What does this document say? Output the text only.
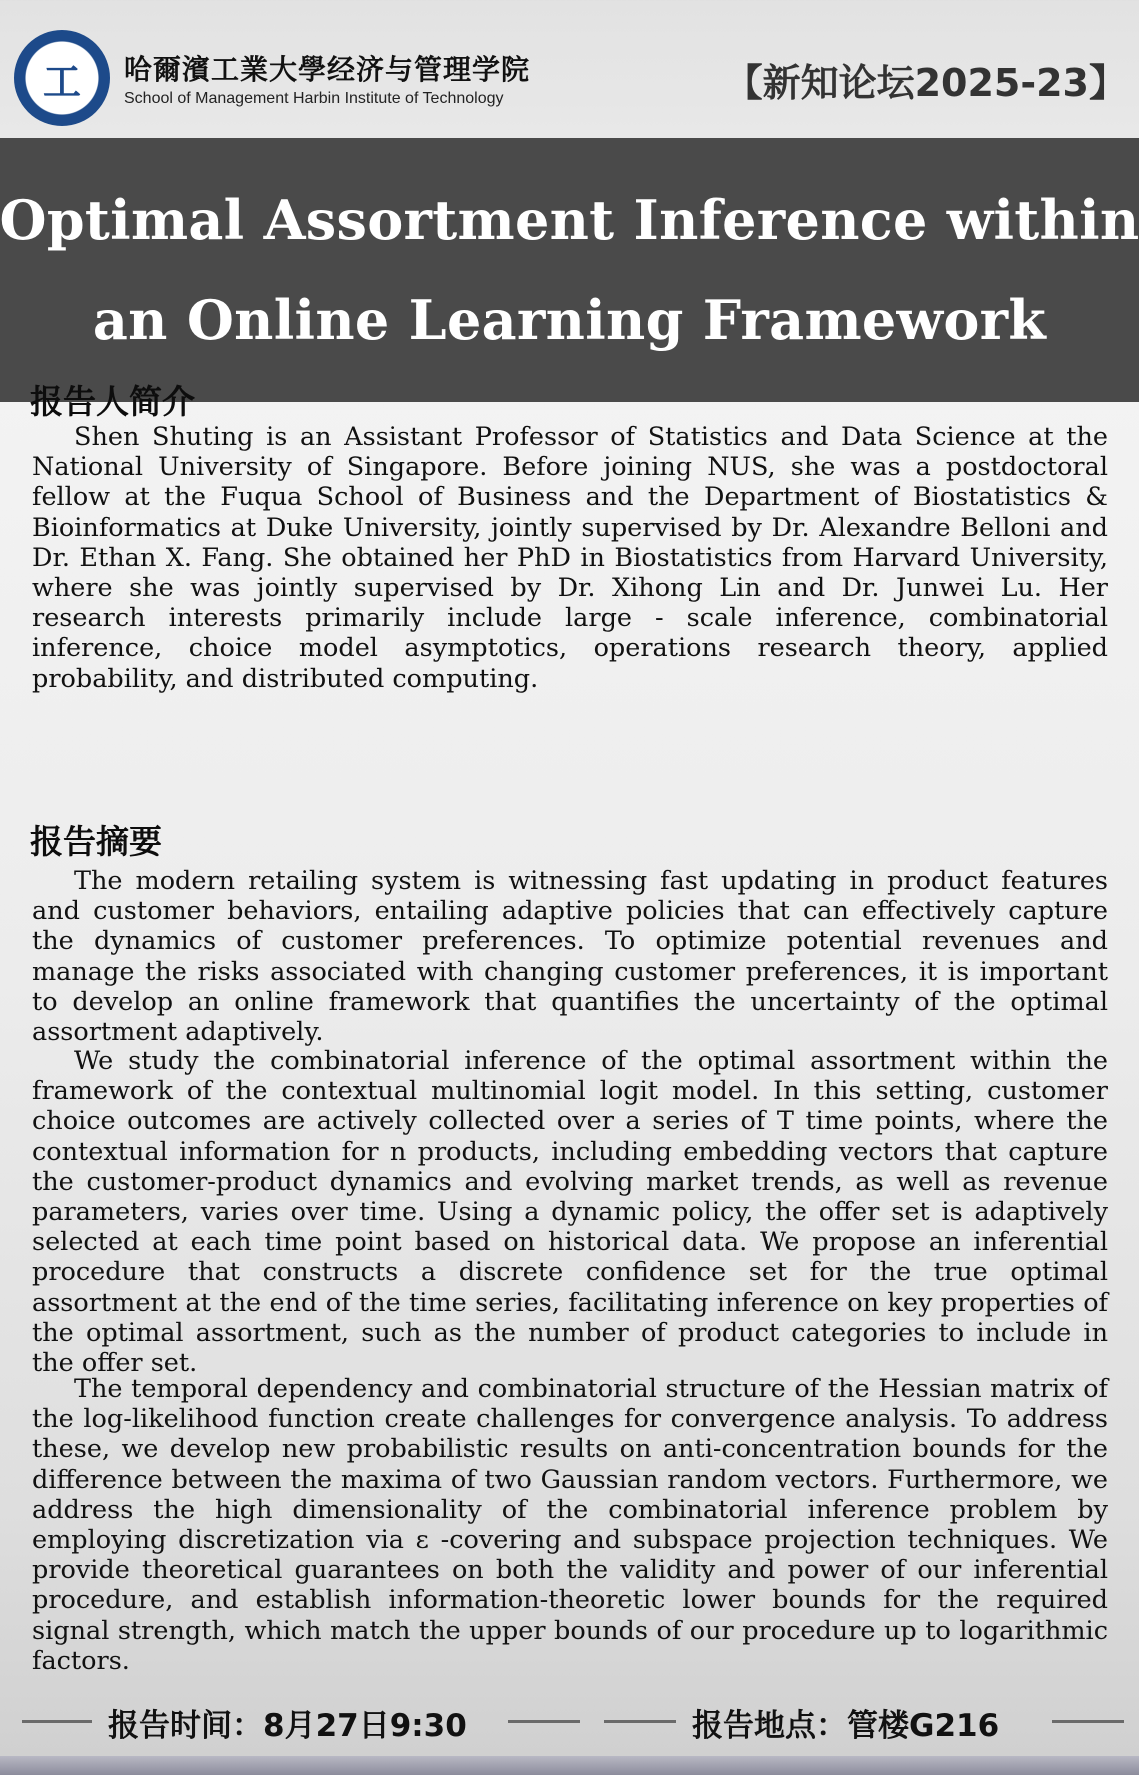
工 哈爾濱工業大學经济与管理学院
School of Management Harbin Institute of Technology	【新知论坛2025-23】
Optimal Assortment Inference within
an Online Learning Framework
报告人简介

Shen Shuting is an Assistant Professor of Statistics and Data Science at the National University of Singapore. Before joining NUS, she was a postdoctoral fellow at the Fuqua School of Business and the Department of Biostatistics & Bioinformatics at Duke University, jointly supervised by Dr. Alexandre Belloni and Dr. Ethan X. Fang. She obtained her PhD in Biostatistics from Harvard University, where she was jointly supervised by Dr. Xihong Lin and Dr. Junwei Lu. Her research interests primarily include large - scale inference, combinatorial inference, choice model asymptotics, operations research theory, applied probability, and distributed computing.

报告摘要

The modern retailing system is witnessing fast updating in product features and customer behaviors, entailing adaptive policies that can effectively capture the dynamics of customer preferences. To optimize potential revenues and manage the risks associated with changing customer preferences, it is important to develop an online framework that quantifies the uncertainty of the optimal assortment adaptively.

We study the combinatorial inference of the optimal assortment within the framework of the contextual multinomial logit model. In this setting, customer choice outcomes are actively collected over a series of T time points, where the contextual information for n products, including embedding vectors that capture the customer-product dynamics and evolving market trends, as well as revenue parameters, varies over time. Using a dynamic policy, the offer set is adaptively selected at each time point based on historical data. We propose an inferential procedure that constructs a discrete confidence set for the true optimal assortment at the end of the time series, facilitating inference on key properties of the optimal assortment, such as the number of product categories to include in the offer set.

The temporal dependency and combinatorial structure of the Hessian matrix of the log-likelihood function create challenges for convergence analysis. To address these, we develop new probabilistic results on anti-concentration bounds for the difference between the maxima of two Gaussian random vectors. Furthermore, we address the high dimensionality of the combinatorial inference problem by employing discretization via ε -covering and subspace projection techniques. We provide theoretical guarantees on both the validity and power of our inferential procedure, and establish information-theoretic lower bounds for the required signal strength, which match the upper bounds of our procedure up to logarithmic factors.

报告时间：8月27日9:30	报告地点：管楼G216
